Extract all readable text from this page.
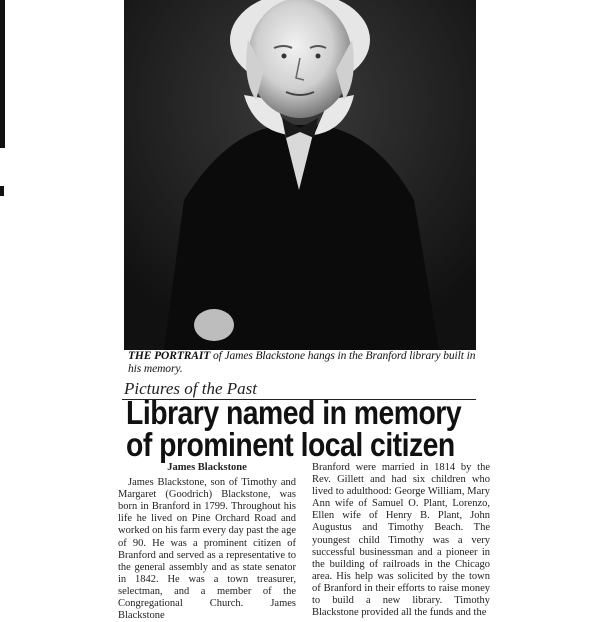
THE PORTRAIT of James Blackstone hangs in the Branford library built in his memory.
Pictures of the Past
Library named in memory
of prominent local citizen
James Blackstone

James Blackstone, son of Timothy and Margaret (Goodrich) Blackstone, was born in Branford in 1799. Throughout his life he lived on Pine Orchard Road and worked on his farm every day past the age of 90. He was a prominent citizen of Branford and served as a representative to the general assembly and as state senator in 1842. He was a town treasurer, selectman, and a member of the Congregational Church. James Blackstone

Branford were married in 1814 by the Rev. Gillett and had six children who lived to adulthood: George William, Mary Ann wife of Samuel O. Plant, Lorenzo, Ellen wife of Henry B. Plant, John Augustus and Timothy Beach. The youngest child Timothy was a very successful businessman and a pioneer in the building of railroads in the Chicago area. His help was solicited by the town of Branford in their efforts to raise money to build a new library. Timothy Blackstone provided all the funds and the
